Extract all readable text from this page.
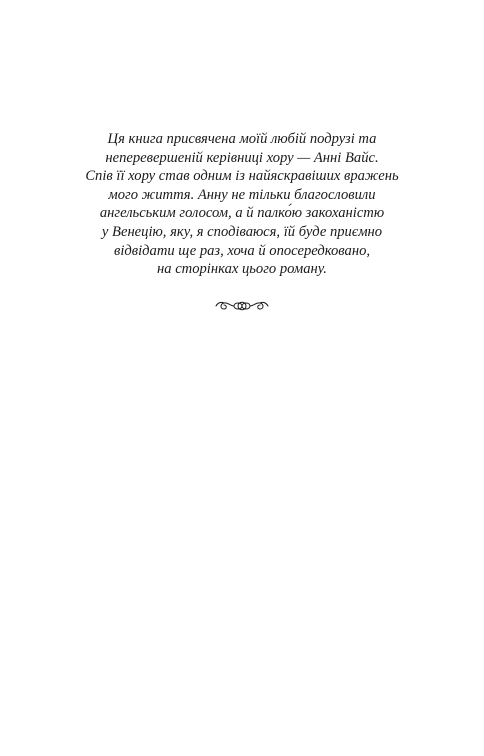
Ця книга присвячена моїй любій подрузі та
неперевершеній керівниці хору — Анні Вайс.
Спів її хору став одним із найяскравіших вражень
мого життя. Анну не тільки благословили
ангельським голосом, а й палко́ю закоханістю
у Венецію, яку, я сподіваюся, їй буде приємно
відвідати ще раз, хоча й опосередковано,
на сторінках цього роману.
